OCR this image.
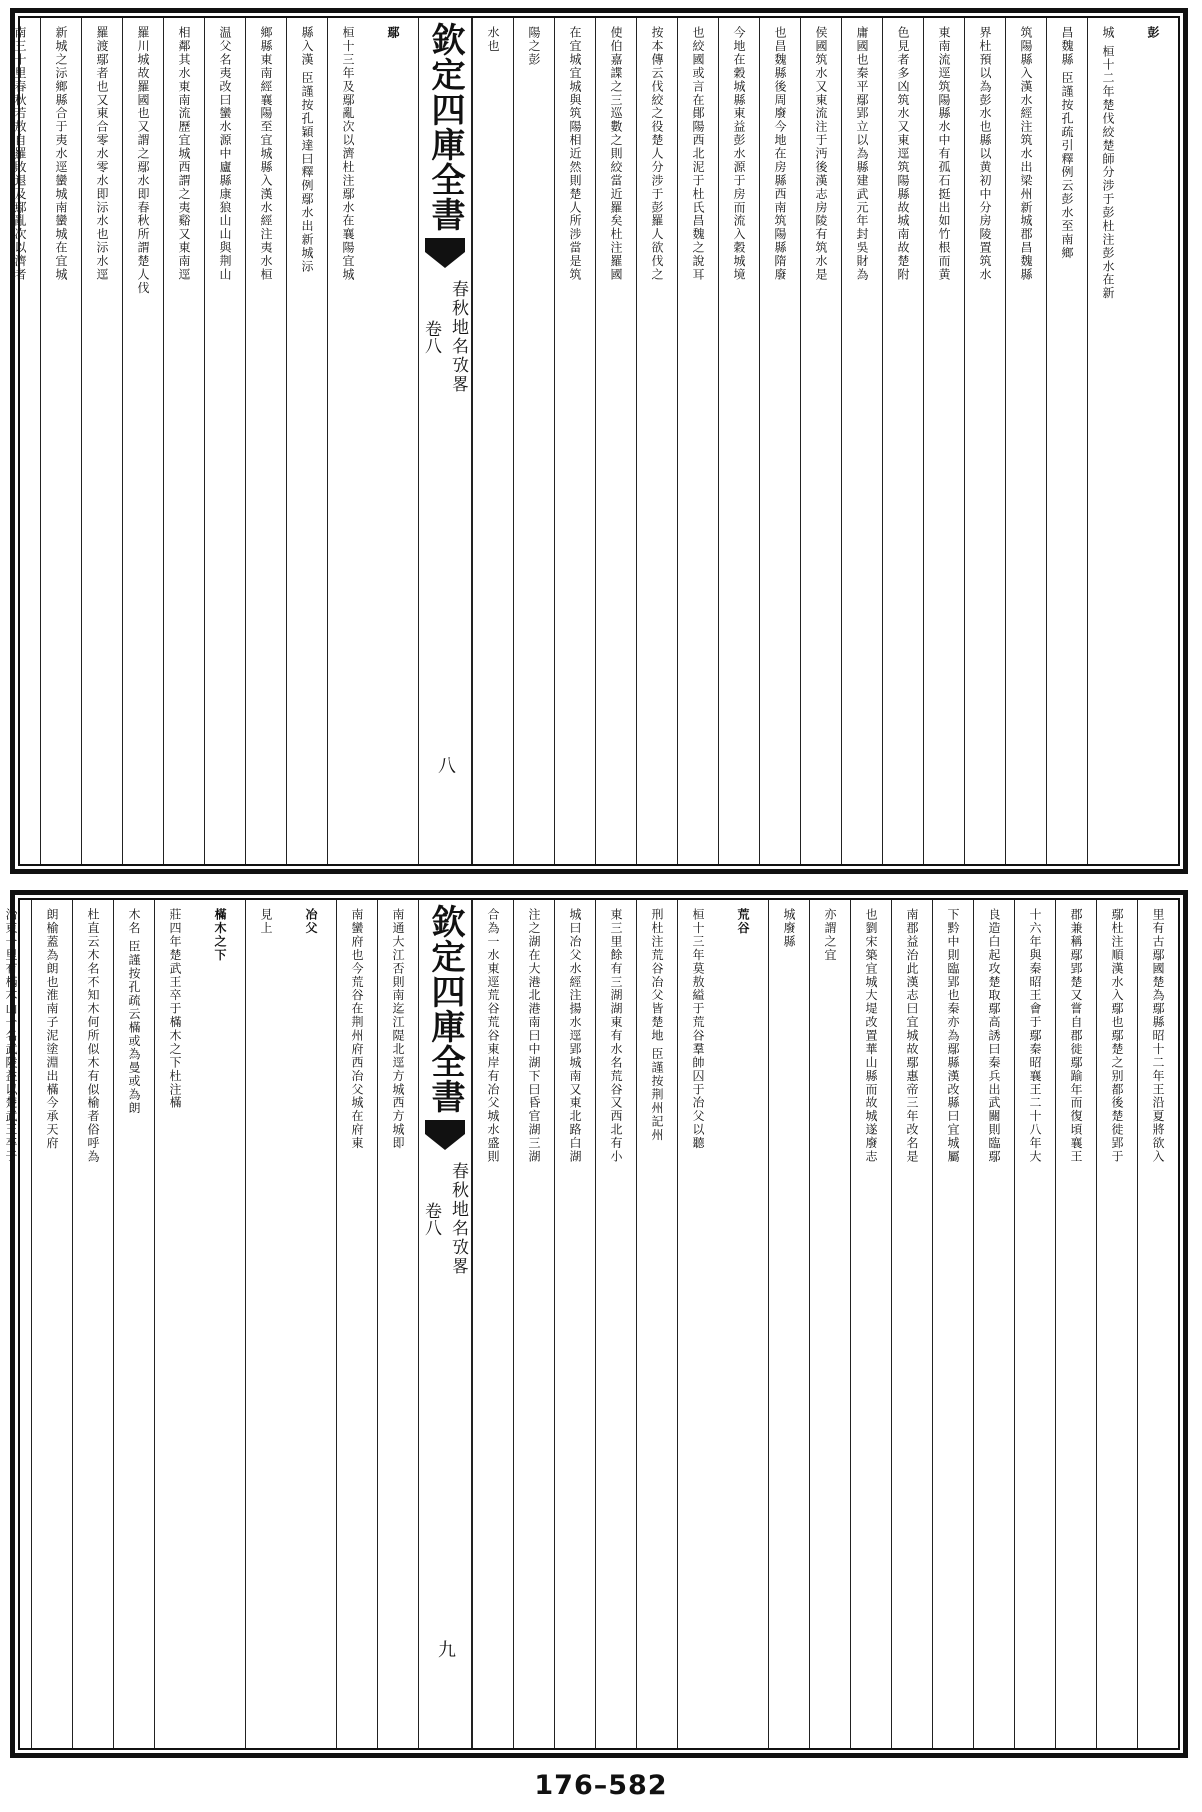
彭
城 桓十二年楚伐絞楚師分涉于彭杜注彭水在新
昌魏縣 臣謹按孔疏引釋例云彭水至南鄉
筑陽縣入漢水經注筑水出梁州新城郡昌魏縣
界杜預以為彭水也縣以黄初中分房陵置筑水
東南流逕筑陽縣水中有孤石挺出如竹根而黄
色見者多凶筑水又東逕筑陽縣故城南故楚附
庸國也秦平鄢郢立以為縣建武元年封吳財為
侯國筑水又東流注于沔後漢志房陵有筑水是
也昌魏縣後周廢今地在房縣西南筑陽縣隋廢
今地在穀城縣東益彭水源于房而流入穀城境
也絞國或言在鄖陽西北泥于杜氏昌魏之說耳
按本傳云伐絞之役楚人分涉于彭羅人欲伐之
使伯嘉諜之三巡數之則絞當近羅矣杜注羅國
在宜城宜城與筑陽相近然則楚人所涉當是筑
陽之彭
水也
欽定四庫全書
春秋地名攷畧
卷八
八
鄢
桓十三年及鄢亂次以濟杜注鄢水在襄陽宜城
縣入漢 臣謹按孔穎達曰釋例鄢水出新城沶
鄉縣東南經襄陽至宜城縣入漢水經注夷水桓
温父名夷改曰蠻水源中廬縣康狼山山與荆山
相鄰其水東南流歷宜城西謂之夷谿又東南逕
羅川城故羅國也又謂之鄢水即春秋所謂楚人伐
羅渡鄢者也又東合零水零水即沶水也沶水逕
新城之沶鄉縣合于夷水逕蠻城南蠻城在宜城
南三十里春秋若敖自羅敗退及鄢亂次以濟者
里有古鄢國楚為鄢縣昭十二年王沿夏將欲入
鄢杜注順漢水入鄢也鄢楚之别都後楚徙郢于
郡兼稱鄢郢楚又嘗自郡徙鄢踰年而復頃襄王
十六年與秦昭王會于鄢秦昭襄王二十八年大
良造白起攻楚取鄢高誘曰秦兵出武關則臨鄢
下黔中則臨郢也秦亦為鄢縣漢改縣曰宜城屬
南郡益治此漢志曰宜城故鄢惠帝三年改名是
也劉宋築宜城大堤改置華山縣而故城遂廢志
亦謂之宜
城廢縣
荒谷
桓十三年莫敖縊于荒谷羣帥囚于冶父以聽
刑杜注荒谷冶父皆楚地 臣謹按荆州記州
東三里餘有三湖湖東有水名荒谷又西北有小
城曰冶父水經注揚水逕郢城南又東北路白湖
注之湖在大港北港南曰中湖下曰昏官湖三湖
合為一水東逕荒谷荒谷東岸有冶父城水盛則
欽定四庫全書
春秋地名攷畧
卷八
九
南通大江否則南迄江隄北逕方城西方城即
南蠻府也今荒谷在荆州府西冶父城在府東
冶父
見上
樠木之下
莊四年楚武王卒于樠木之下杜注樠
木名 臣謹按孔疏云樠或為曼或為朗
杜直云木名不知木何所似木有似榆者俗呼為
朗榆蓋為朗也淮南子泥塗淵出樠今承天府
治東一里有樠木山一名武陵益以楚武王卒于
176–582
